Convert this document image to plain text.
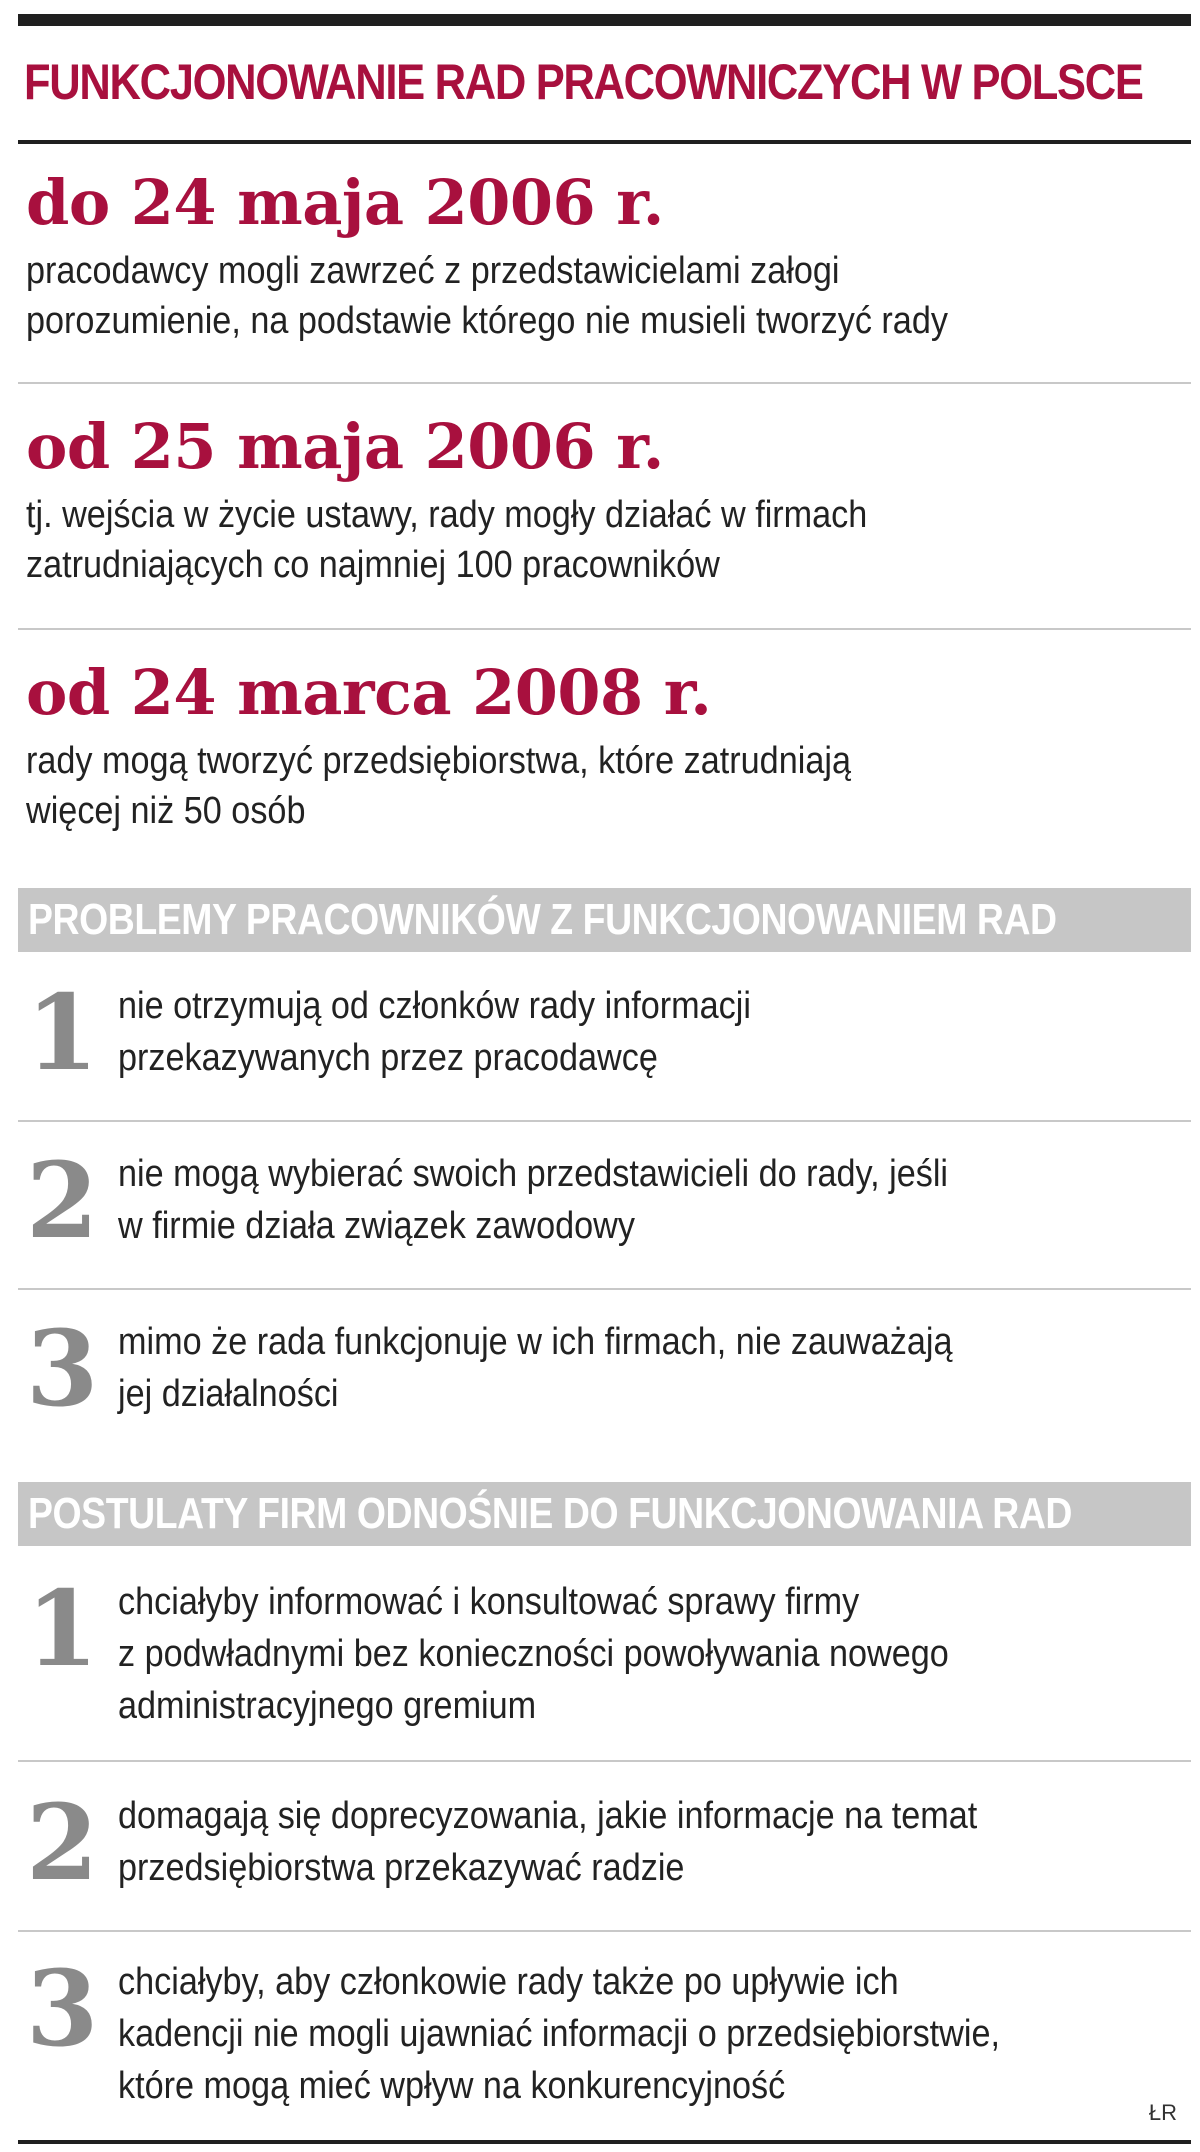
FUNKCJONOWANIE RAD PRACOWNICZYCH W POLSCE
do 24 maja 2006 r.
pracodawcy mogli zawrzeć z przedstawicielami załogi
porozumienie, na podstawie którego nie musieli tworzyć rady
od 25 maja 2006 r.
tj. wejścia w życie ustawy, rady mogły działać w firmach
zatrudniających co najmniej 100 pracowników
od 24 marca 2008 r.
rady mogą tworzyć przedsiębiorstwa, które zatrudniają
więcej niż 50 osób
PROBLEMY PRACOWNIKÓW Z FUNKCJONOWANIEM RAD
1 nie otrzymują od członków rady informacji
przekazywanych przez pracodawcę
2 nie mogą wybierać swoich przedstawicieli do rady, jeśli
w firmie działa związek zawodowy
3 mimo że rada funkcjonuje w ich firmach, nie zauważają
jej działalności
POSTULATY FIRM ODNOŚNIE DO FUNKCJONOWANIA RAD
1 chciałyby informować i konsultować sprawy firmy
z podwładnymi bez konieczności powoływania nowego
administracyjnego gremium
2 domagają się doprecyzowania, jakie informacje na temat
przedsiębiorstwa przekazywać radzie
3 chciałyby, aby członkowie rady także po upływie ich
kadencji nie mogli ujawniać informacji o przedsiębiorstwie,
które mogą mieć wpływ na konkurencyjność
ŁR
